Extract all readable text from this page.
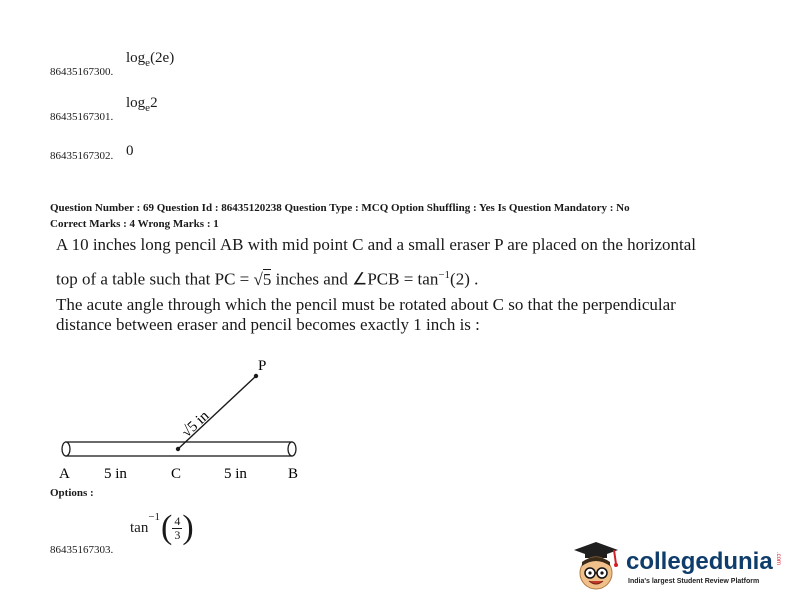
86435167300.
$\log_e(2e)$
86435167301.
$\log_e2$
86435167302. 0
Question Number : 69 Question Id : 86435120238 Question Type : MCQ Option Shuffling : Yes Is Question Mandatory : No
Correct Marks : 4 Wrong Marks : 1
A 10 inches long pencil AB with mid point C and a small eraser P are placed on the horizontal
top of a table such that PC = √5 inches and ∠PCB = $\tan^{-1}(2)$ .
The acute angle through which the pencil must be rotated about C so that the perpendicular
distance between eraser and pencil becomes exactly 1 inch is :
P
A 5 in	C	5 in	B
√5 in
Options :
86435167303.
tan
$^{-1}$ ( $\frac{4}{3}$ )
collegedunia .com
India's largest Student Review Platform
